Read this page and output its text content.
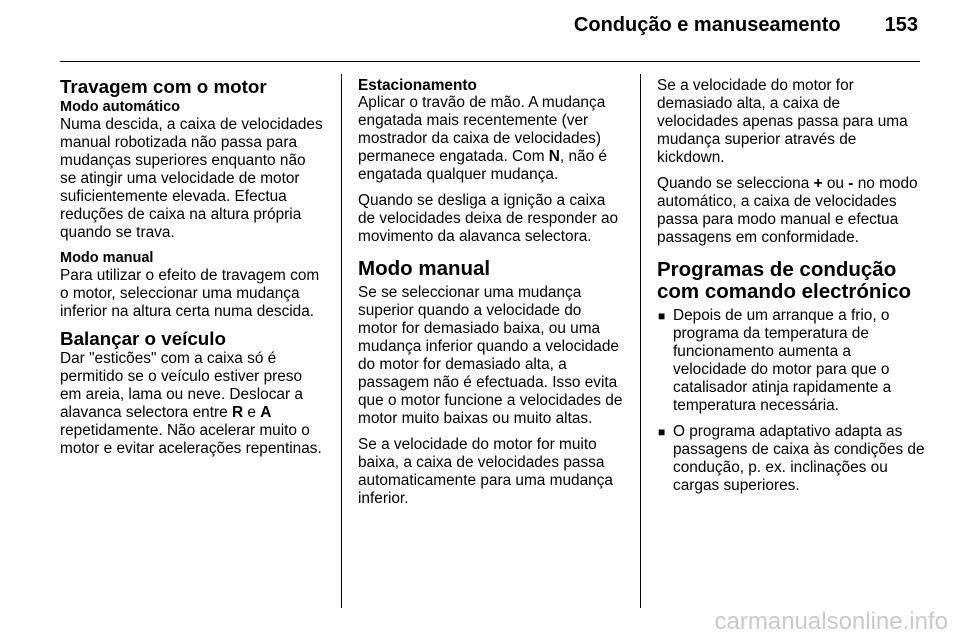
Condução e manuseamento 153
Travagem com o motor
Modo automático

Numa descida, a caixa de velocidades manual robotizada não passa para mudanças superiores enquanto não se atingir uma velocidade de motor suficientemente elevada. Efectua reduções de caixa na altura própria quando se trava.

Modo manual

Para utilizar o efeito de travagem com o motor, seleccionar uma mudança inferior na altura certa numa descida.

Balançar o veículo

Dar "esticões" com a caixa só é permitido se o veículo estiver preso em areia, lama ou neve. Deslocar a alavanca selectora entre R e A repetidamente. Não acelerar muito o motor e evitar acelerações repentinas.

Estacionamento

Aplicar o travão de mão. A mudança engatada mais recentemente (ver mostrador da caixa de velocidades) permanece engatada. Com N, não é engatada qualquer mudança.

Quando se desliga a ignição a caixa de velocidades deixa de responder ao movimento da alavanca selectora.

Modo manual

Se se seleccionar uma mudança superior quando a velocidade do motor for demasiado baixa, ou uma mudança inferior quando a velocidade do motor for demasiado alta, a passagem não é efectuada. Isso evita que o motor funcione a velocidades de motor muito baixas ou muito altas.

Se a velocidade do motor for muito baixa, a caixa de velocidades passa automaticamente para uma mudança inferior.

Se a velocidade do motor for demasiado alta, a caixa de velocidades apenas passa para uma mudança superior através de kickdown.

Quando se selecciona + ou - no modo automático, a caixa de velocidades passa para modo manual e efectua passagens em conformidade.

Programas de condução com comando electrónico
■ Depois de um arranque a frio, o programa da temperatura de funcionamento aumenta a velocidade do motor para que o catalisador atinja rapidamente a temperatura necessária.
■ O programa adaptativo adapta as passagens de caixa às condições de condução, p. ex. inclinações ou cargas superiores.
carmanualsonline.info
